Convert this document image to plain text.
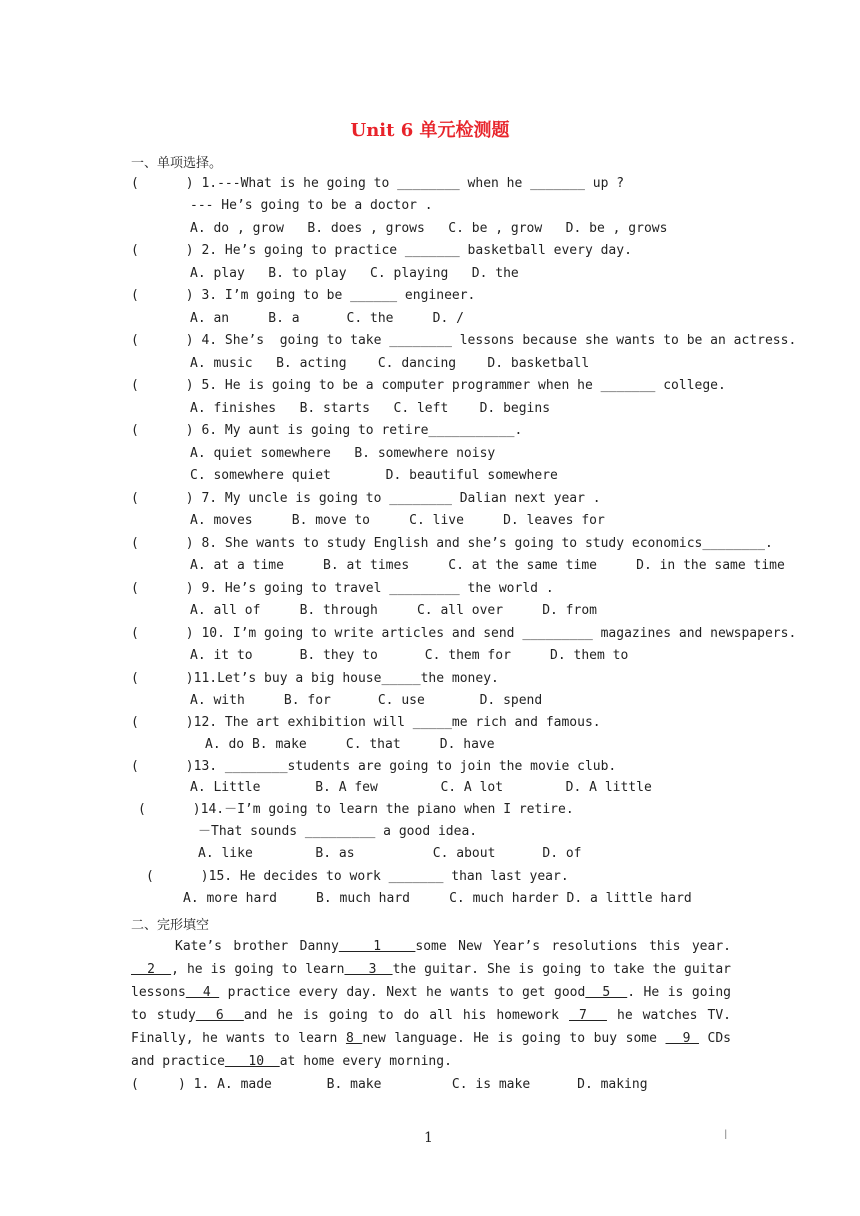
Unit 6 单元检测题
一、单项选择。
(      ) 1.---What is he going to ________ when he _______ up ?
--- He’s going to be a doctor .
A. do , grow   B. does , grows   C. be , grow   D. be , grows
(      ) 2. He’s going to practice _______ basketball every day.
A. play   B. to play   C. playing   D. the
(      ) 3. I’m going to be ______ engineer.
A. an     B. a      C. the     D. /
(      ) 4. She’s  going to take ________ lessons because she wants to be an actress.
A. music   B. acting    C. dancing    D. basketball
(      ) 5. He is going to be a computer programmer when he _______ college.
A. finishes   B. starts   C. left    D. begins
(      ) 6. My aunt is going to retire___________.
A. quiet somewhere   B. somewhere noisy
C. somewhere quiet       D. beautiful somewhere
(      ) 7. My uncle is going to ________ Dalian next year .
A. moves     B. move to     C. live     D. leaves for
(      ) 8. She wants to study English and she’s going to study economics________.
A. at a time     B. at times     C. at the same time     D. in the same time
(      ) 9. He’s going to travel _________ the world .
A. all of     B. through     C. all over     D. from
(      ) 10. I’m going to write articles and send _________ magazines and newspapers.
A. it to      B. they to      C. them for     D. them to
(      )11.Let’s buy a big house_____the money.
A. with     B. for      C. use       D. spend
(      )12. The art exhibition will _____me rich and famous.
A. do B. make     C. that     D. have
(      )13. ________students are going to join the movie club.
A. Little       B. A few        C. A lot        D. A little
(      )14.－I’m going to learn the piano when I retire.
－That sounds _________ a good idea.
A. like        B. as          C. about      D. of
(      )15. He decides to work _______ than last year.
A. more hard     B. much hard     C. much harder D. a little hard
二、完形填空
Kate’s brother Danny   1   some New Year’s resolutions this year.   2  , he is going to learn   3  the guitar. She is going to take the guitar lessons  4  practice every day. Next he wants to get good  5  . He is going to study  6  and he is going to do all his homework  7   he watches TV. Finally, he wants to learn 8 new language. He is going to buy some   9  CDs and practice   10  at home every morning.
(     ) 1. A. made       B. make         C. is make      D. making
1	l
